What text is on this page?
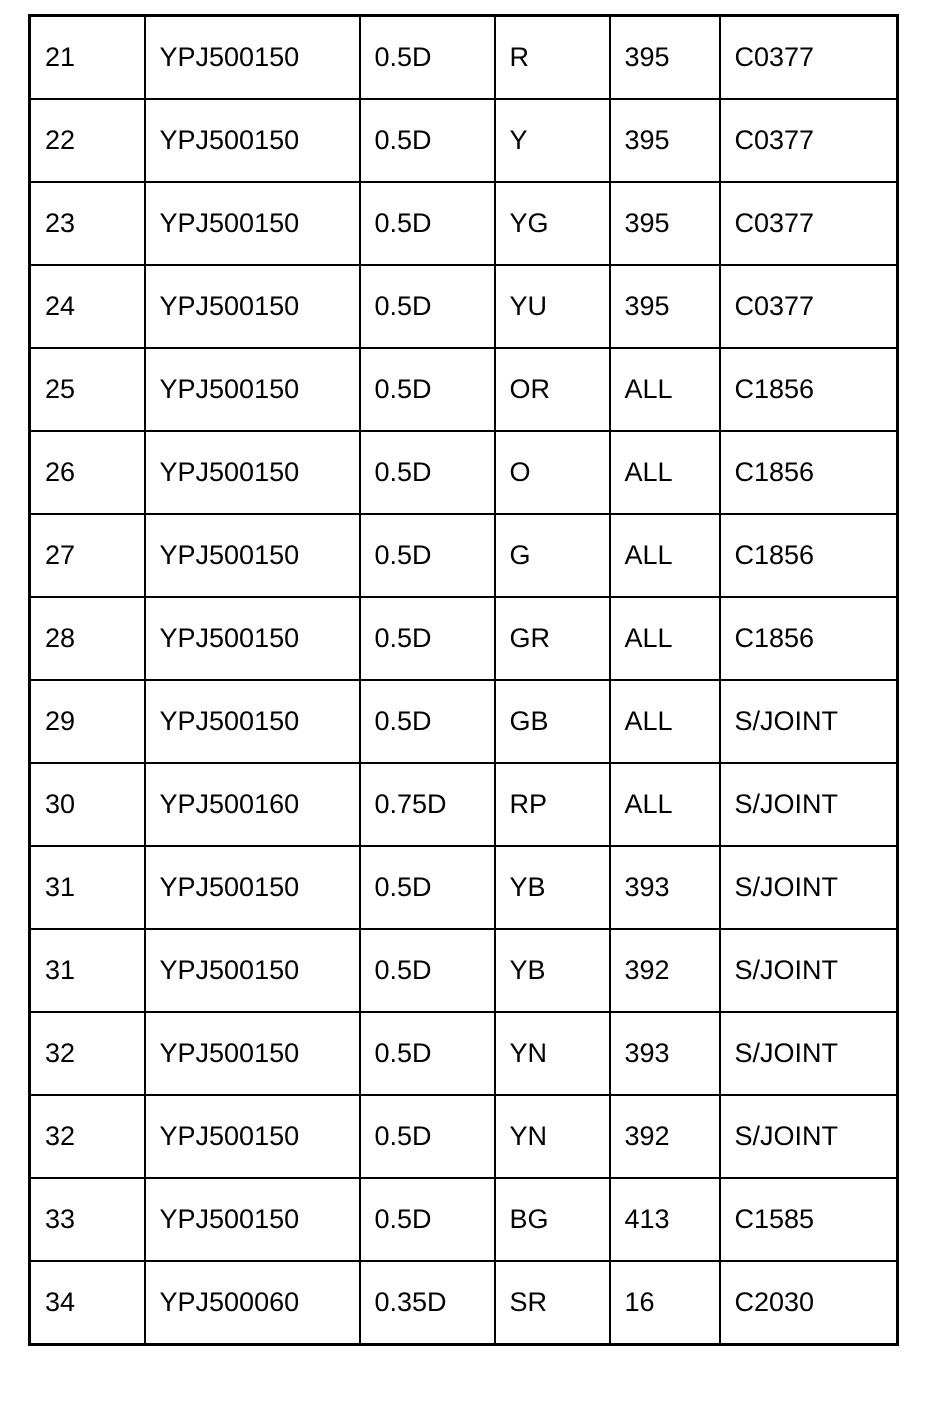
21	YPJ500150	0.5D	R	395	C0377
22	YPJ500150	0.5D	Y	395	C0377
23	YPJ500150	0.5D	YG	395	C0377
24	YPJ500150	0.5D	YU	395	C0377
25	YPJ500150	0.5D	OR	ALL	C1856
26	YPJ500150	0.5D	O	ALL	C1856
27	YPJ500150	0.5D	G	ALL	C1856
28	YPJ500150	0.5D	GR	ALL	C1856
29	YPJ500150	0.5D	GB	ALL	S/JOINT
30	YPJ500160	0.75D	RP	ALL	S/JOINT
31	YPJ500150	0.5D	YB	393	S/JOINT
31	YPJ500150	0.5D	YB	392	S/JOINT
32	YPJ500150	0.5D	YN	393	S/JOINT
32	YPJ500150	0.5D	YN	392	S/JOINT
33	YPJ500150	0.5D	BG	413	C1585
34	YPJ500060	0.35D	SR	16	C2030
